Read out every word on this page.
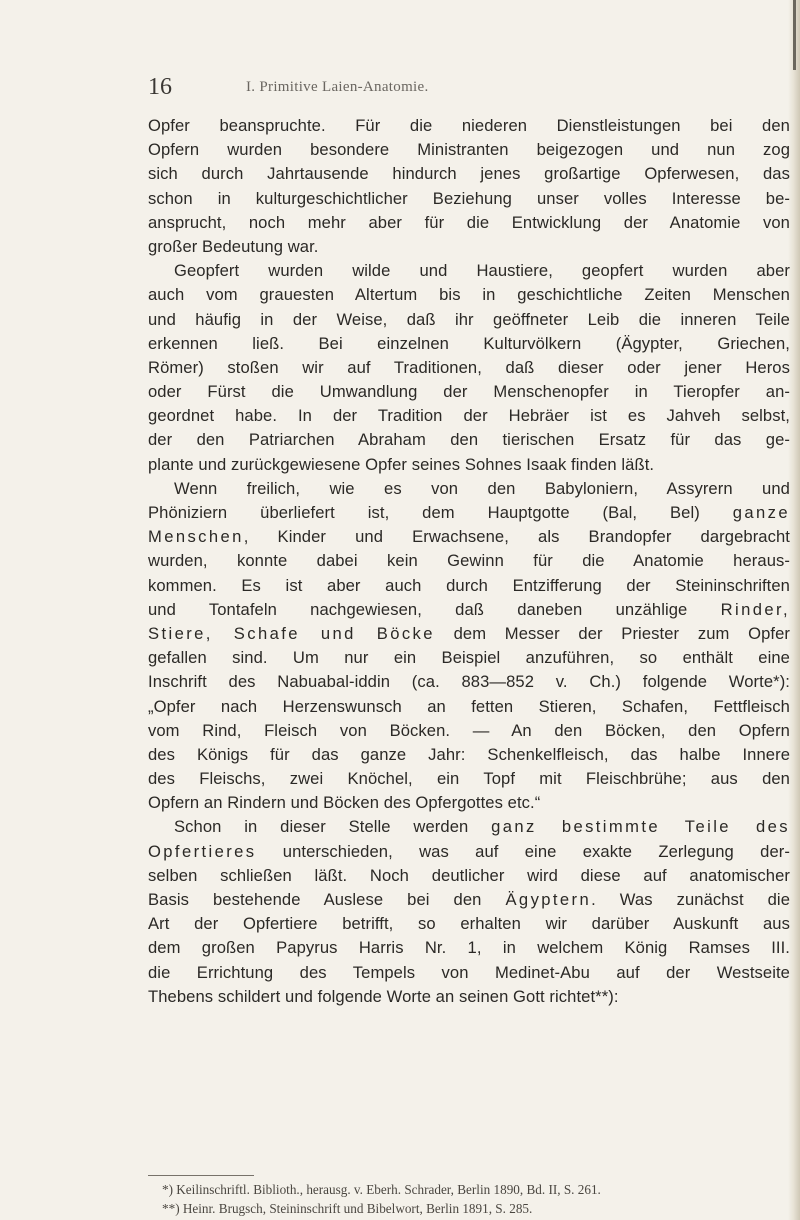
16	I. Primitive Laien-Anatomie.
Opfer beanspruchte. Für die niederen Dienstleistungen bei den
Opfern wurden besondere Ministranten beigezogen und nun zog
sich durch Jahrtausende hindurch jenes großartige Opferwesen, das
schon in kulturgeschichtlicher Beziehung unser volles Interesse be-
ansprucht, noch mehr aber für die Entwicklung der Anatomie von
großer Bedeutung war.
Geopfert wurden wilde und Haustiere, geopfert wurden aber
auch vom grauesten Altertum bis in geschichtliche Zeiten Menschen
und häufig in der Weise, daß ihr geöffneter Leib die inneren Teile
erkennen ließ. Bei einzelnen Kulturvölkern (Ägypter, Griechen,
Römer) stoßen wir auf Traditionen, daß dieser oder jener Heros
oder Fürst die Umwandlung der Menschenopfer in Tieropfer an-
geordnet habe. In der Tradition der Hebräer ist es Jahveh selbst,
der den Patriarchen Abraham den tierischen Ersatz für das ge-
plante und zurückgewiesene Opfer seines Sohnes Isaak finden läßt.
Wenn freilich, wie es von den Babyloniern, Assyrern und
Phöniziern überliefert ist, dem Hauptgotte (Bal, Bel) ganze
Menschen, Kinder und Erwachsene, als Brandopfer dargebracht
wurden, konnte dabei kein Gewinn für die Anatomie heraus-
kommen. Es ist aber auch durch Entzifferung der Steininschriften
und Tontafeln nachgewiesen, daß daneben unzählige Rinder,
Stiere, Schafe und Böcke dem Messer der Priester zum Opfer
gefallen sind. Um nur ein Beispiel anzuführen, so enthält eine
Inschrift des Nabuabal-iddin (ca. 883—852 v. Ch.) folgende Worte*):
„Opfer nach Herzenswunsch an fetten Stieren, Schafen, Fettfleisch
vom Rind, Fleisch von Böcken. — An den Böcken, den Opfern
des Königs für das ganze Jahr: Schenkelfleisch, das halbe Innere
des Fleischs, zwei Knöchel, ein Topf mit Fleischbrühe; aus den
Opfern an Rindern und Böcken des Opfergottes etc.“
Schon in dieser Stelle werden ganz bestimmte Teile des
Opfertieres unterschieden, was auf eine exakte Zerlegung der-
selben schließen läßt. Noch deutlicher wird diese auf anatomischer
Basis bestehende Auslese bei den Ägyptern. Was zunächst die
Art der Opfertiere betrifft, so erhalten wir darüber Auskunft aus
dem großen Papyrus Harris Nr. 1, in welchem König Ramses III.
die Errichtung des Tempels von Medinet-Abu auf der Westseite
Thebens schildert und folgende Worte an seinen Gott richtet**):
*) Keilinschriftl. Biblioth., herausg. v. Eberh. Schrader, Berlin 1890, Bd. II, S. 261.
**) Heinr. Brugsch, Steininschrift und Bibelwort, Berlin 1891, S. 285.
